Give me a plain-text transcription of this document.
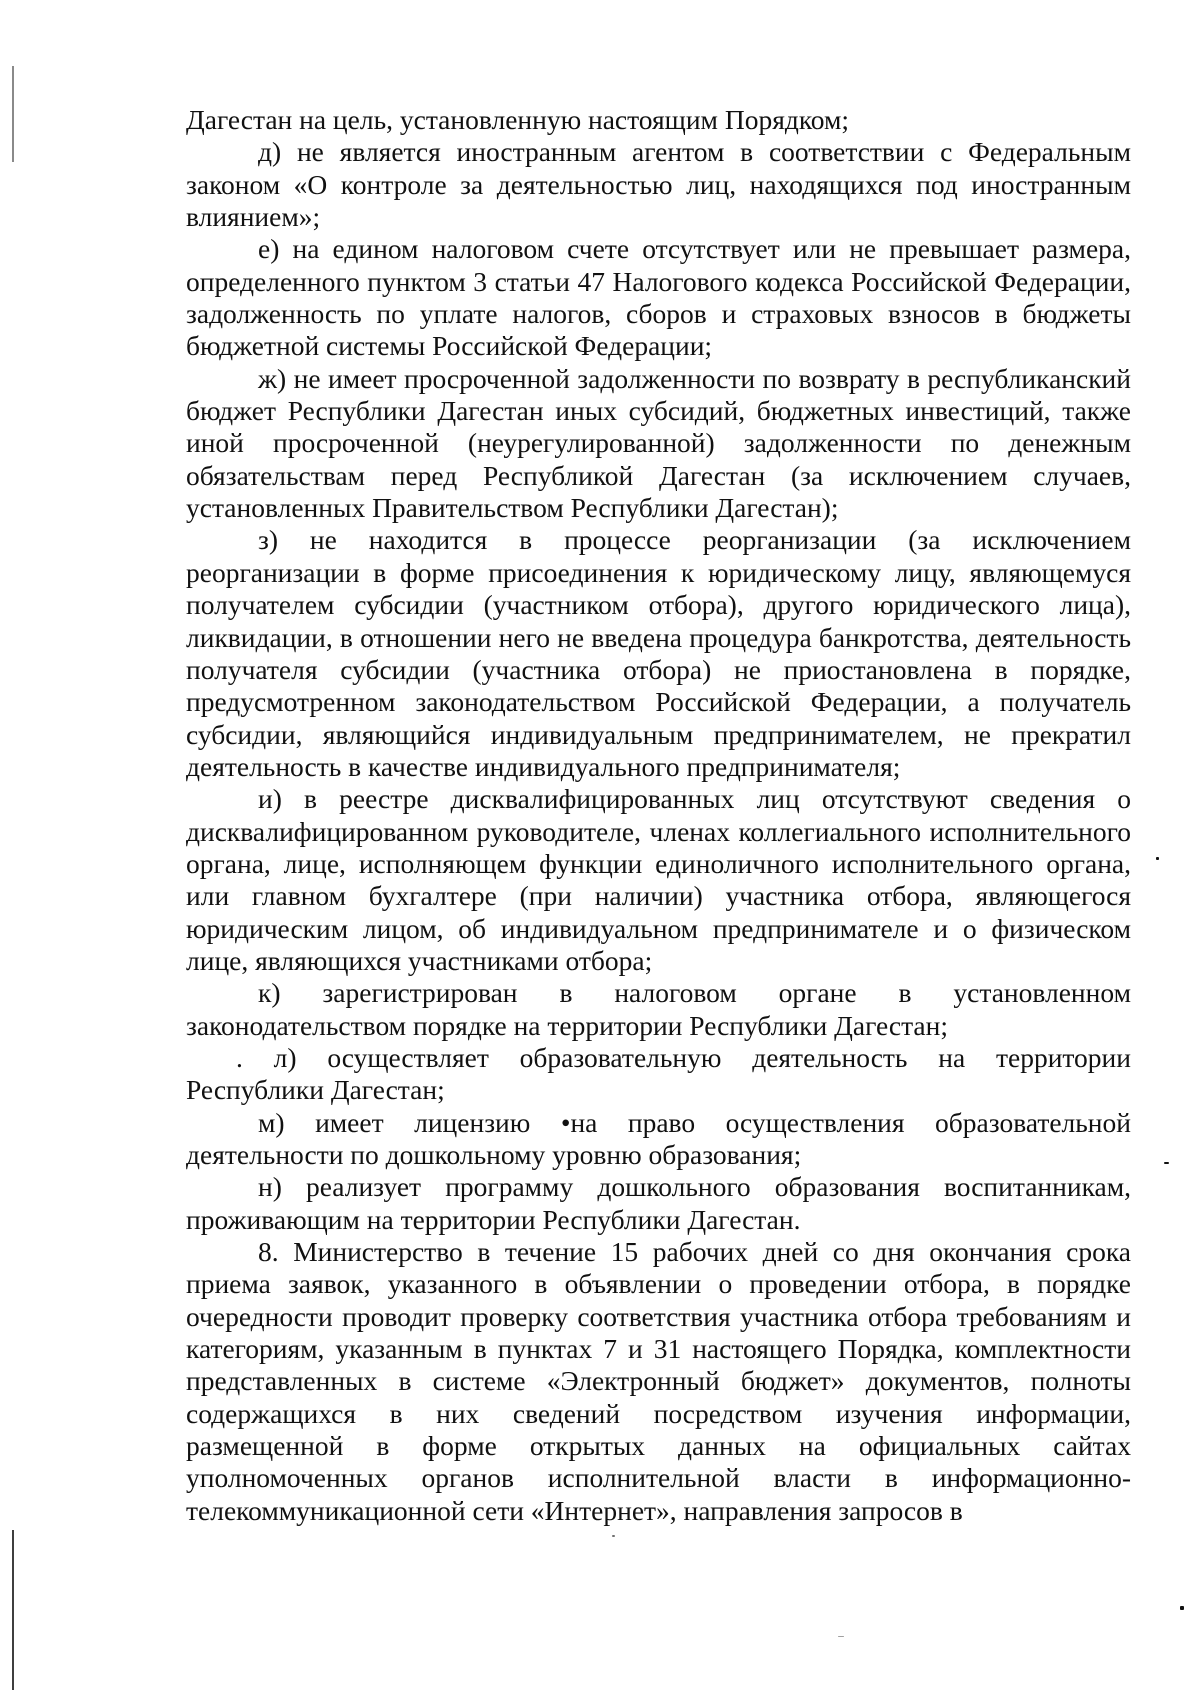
Дагестан на цель, установленную настоящим Порядком;

д) не является иностранным агентом в соответствии с Федеральным законом «О контроле за деятельностью лиц, находящихся под иностранным влиянием»;

е) на едином налоговом счете отсутствует или не превышает размера, определенного пунктом 3 статьи 47 Налогового кодекса Российской Федерации, задолженность по уплате налогов, сборов и страховых взносов в бюджеты бюджетной системы Российской Федерации;

ж) не имеет просроченной задолженности по возврату в республиканский бюджет Республики Дагестан иных субсидий, бюджетных инвестиций, также иной просроченной (неурегулированной) задолженности по денежным обязательствам перед Республикой Дагестан (за исключением случаев, установленных Правительством Республики Дагестан);

з) не находится в процессе реорганизации (за исключением реорганизации в форме присоединения к юридическому лицу, являющемуся получателем субсидии (участником отбора), другого юридического лица), ликвидации, в отношении него не введена процедура банкротства, деятельность получателя субсидии (участника отбора) не приостановлена в порядке, предусмотренном законодательством Российской Федерации, а получатель субсидии, являющийся индивидуальным предпринимателем, не прекратил деятельность в качестве индивидуального предпринимателя;

и) в реестре дисквалифицированных лиц отсутствуют сведения о дисквалифицированном руководителе, членах коллегиального исполнительного органа, лице, исполняющем функции единоличного исполнительного органа, или главном бухгалтере (при наличии) участника отбора, являющегося юридическим лицом, об индивидуальном предпринимателе и о физическом лице, являющихся участниками отбора;

к) зарегистрирован в налоговом органе в установленном законодательством порядке на территории Республики Дагестан;

. л) осуществляет образовательную деятельность на территории Республики Дагестан;

м) имеет лицензию •на право осуществления образовательной деятельности по дошкольному уровню образования;

н) реализует программу дошкольного образования воспитанникам, проживающим на территории Республики Дагестан.

8. Министерство в течение 15 рабочих дней со дня окончания срока приема заявок, указанного в объявлении о проведении отбора, в порядке очередности проводит проверку соответствия участника отбора требованиям и категориям, указанным в пунктах 7 и 31 настоящего Порядка, комплектности представленных в системе «Электронный бюджет» документов, полноты содержащихся в них сведений посредством изучения информации, размещенной в форме открытых данных на официальных сайтах уполномоченных органов исполнительной власти в информационно-телекоммуникационной сети «Интернет», направления запросов в
